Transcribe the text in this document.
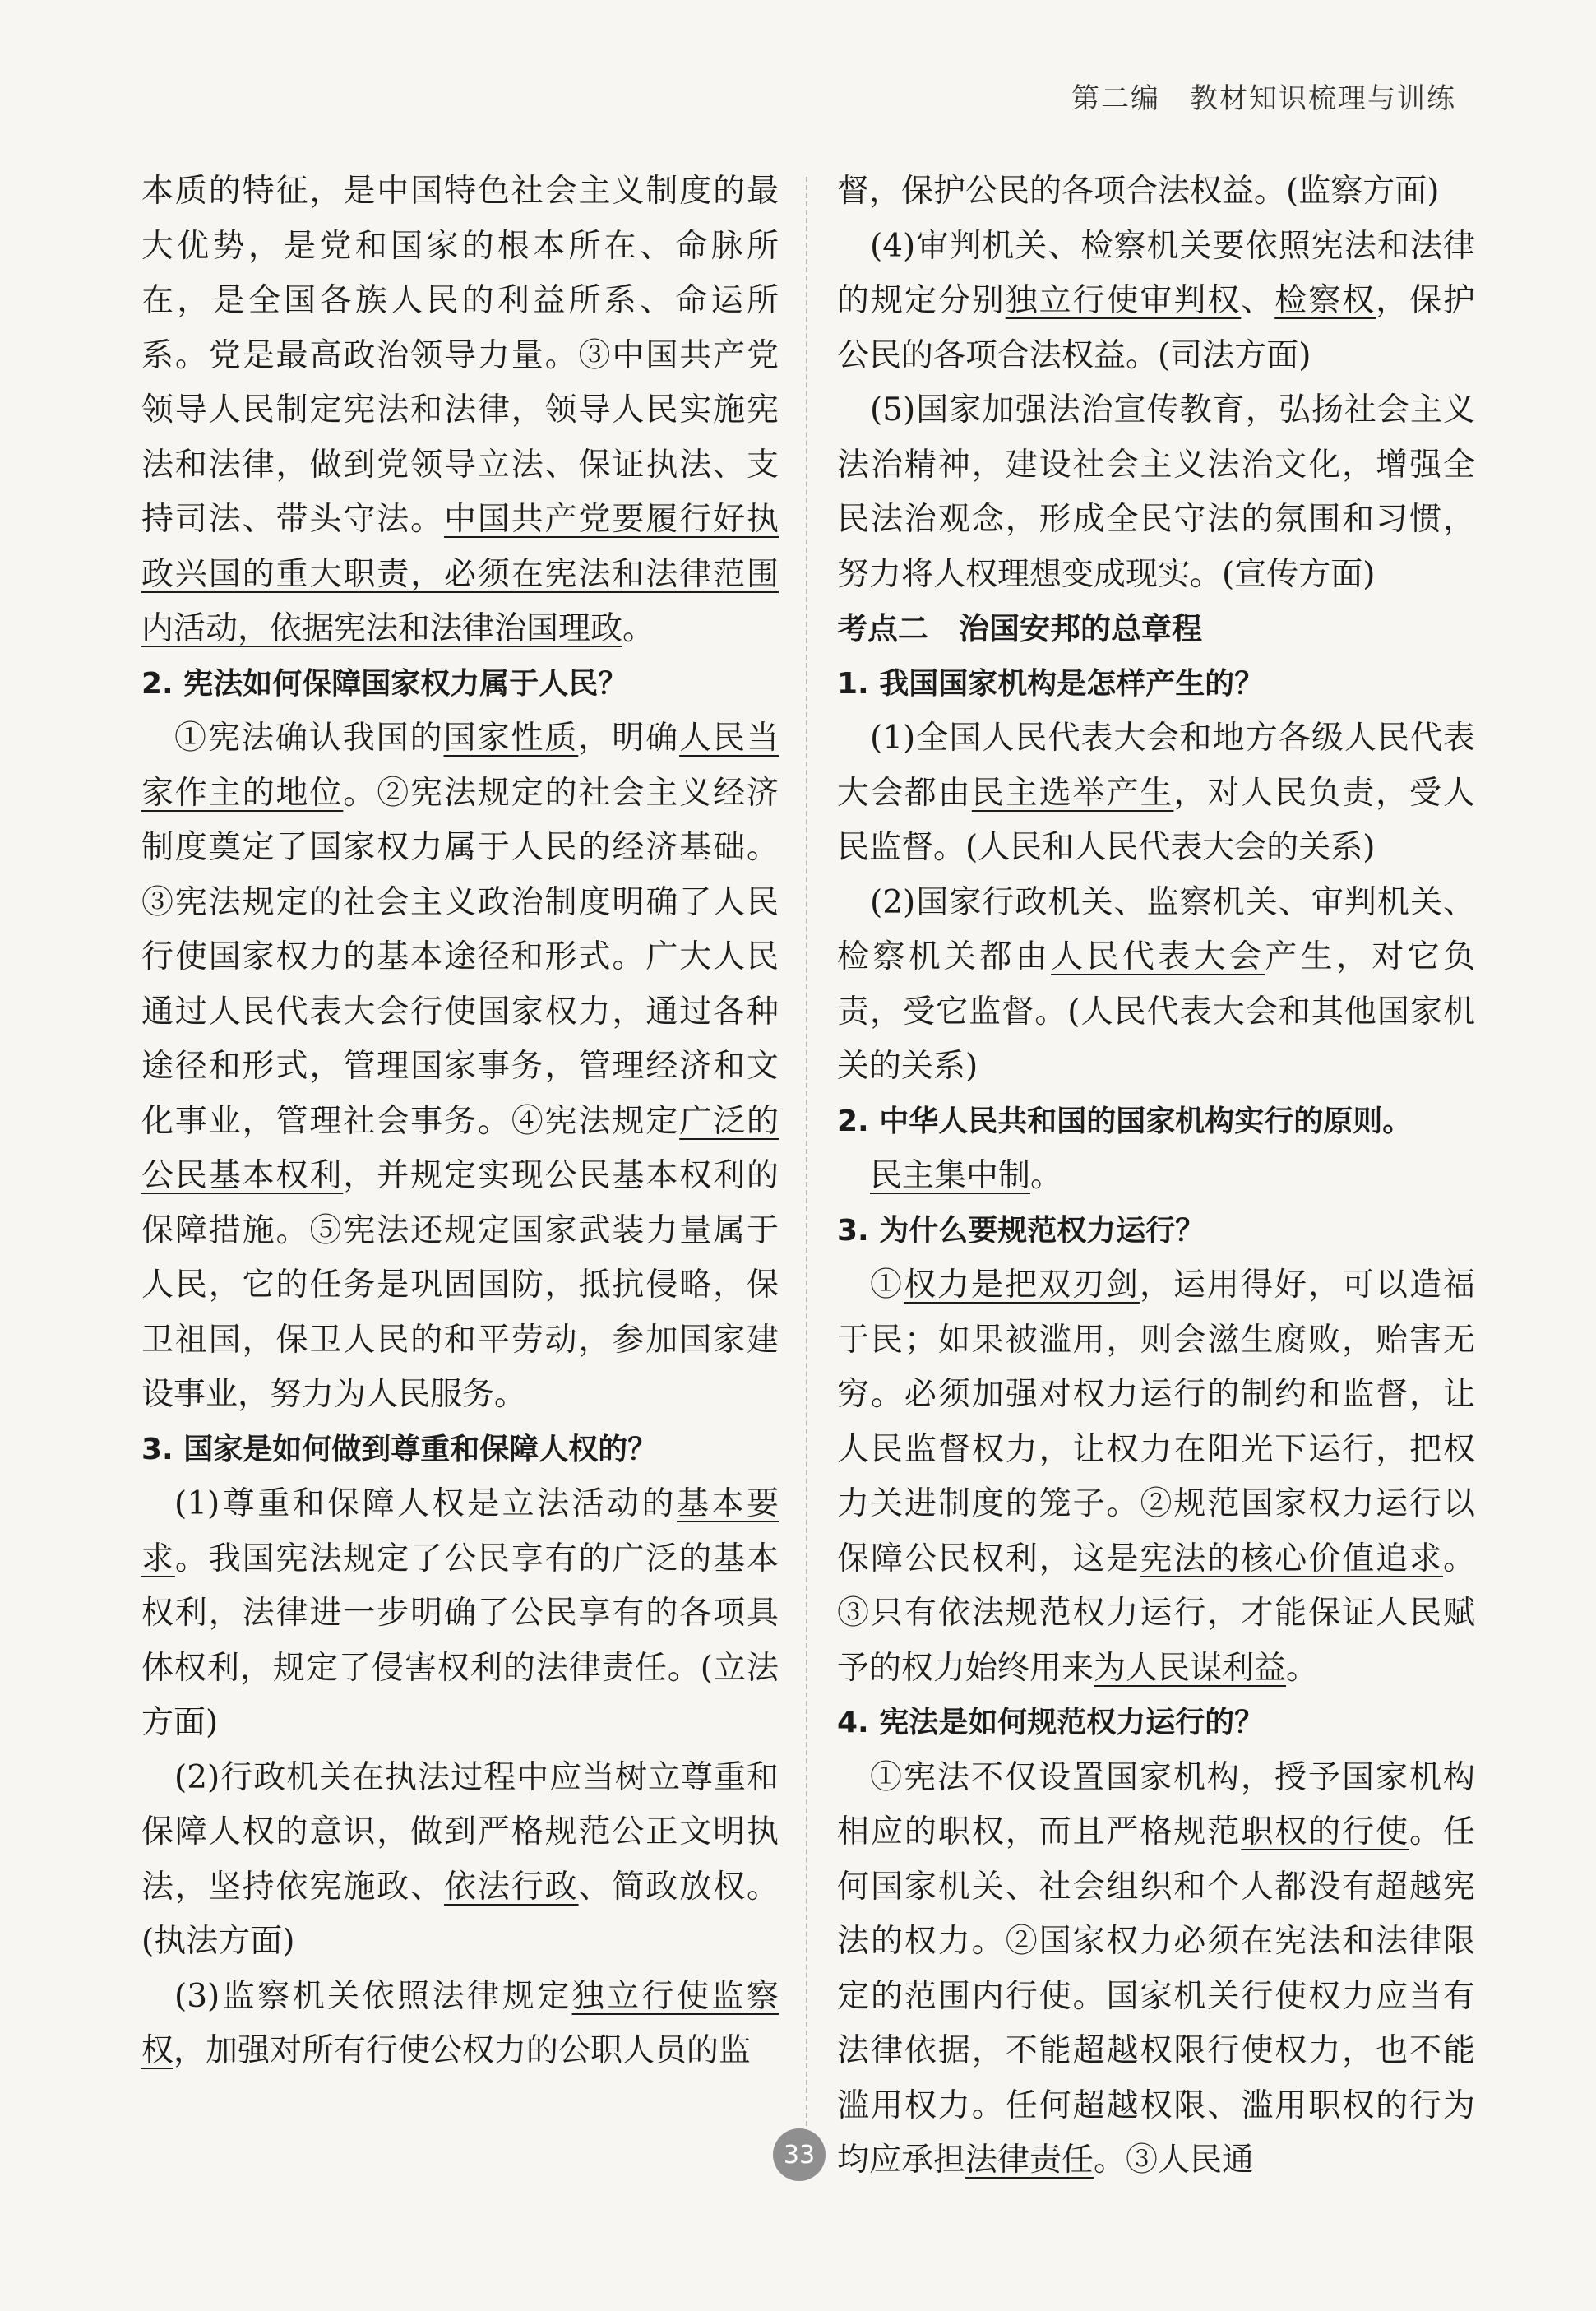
第二编　教材知识梳理与训练

本质的特征，是中国特色社会主义制度的最大优势，是党和国家的根本所在、命脉所在，是全国各族人民的利益所系、命运所系。党是最高政治领导力量。③中国共产党领导人民制定宪法和法律，领导人民实施宪法和法律，做到党领导立法、保证执法、支持司法、带头守法。中国共产党要履行好执政兴国的重大职责，必须在宪法和法律范围内活动，依据宪法和法律治国理政。

2. 宪法如何保障国家权力属于人民？

①宪法确认我国的国家性质，明确人民当家作主的地位。②宪法规定的社会主义经济制度奠定了国家权力属于人民的经济基础。③宪法规定的社会主义政治制度明确了人民行使国家权力的基本途径和形式。广大人民通过人民代表大会行使国家权力，通过各种途径和形式，管理国家事务，管理经济和文化事业，管理社会事务。④宪法规定广泛的公民基本权利，并规定实现公民基本权利的保障措施。⑤宪法还规定国家武装力量属于人民，它的任务是巩固国防，抵抗侵略，保卫祖国，保卫人民的和平劳动，参加国家建设事业，努力为人民服务。

3. 国家是如何做到尊重和保障人权的？

(1)尊重和保障人权是立法活动的基本要求。我国宪法规定了公民享有的广泛的基本权利，法律进一步明确了公民享有的各项具体权利，规定了侵害权利的法律责任。(立法方面)

(2)行政机关在执法过程中应当树立尊重和保障人权的意识，做到严格规范公正文明执法，坚持依宪施政、依法行政、简政放权。(执法方面)

(3)监察机关依照法律规定独立行使监察权，加强对所有行使公权力的公职人员的监

督，保护公民的各项合法权益。(监察方面)

(4)审判机关、检察机关要依照宪法和法律的规定分别独立行使审判权、检察权，保护公民的各项合法权益。(司法方面)

(5)国家加强法治宣传教育，弘扬社会主义法治精神，建设社会主义法治文化，增强全民法治观念，形成全民守法的氛围和习惯，努力将人权理想变成现实。(宣传方面)

考点二　治国安邦的总章程

1. 我国国家机构是怎样产生的？

(1)全国人民代表大会和地方各级人民代表大会都由民主选举产生，对人民负责，受人民监督。(人民和人民代表大会的关系)

(2)国家行政机关、监察机关、审判机关、检察机关都由人民代表大会产生，对它负责，受它监督。(人民代表大会和其他国家机关的关系)

2. 中华人民共和国的国家机构实行的原则。

民主集中制。

3. 为什么要规范权力运行？

①权力是把双刃剑，运用得好，可以造福于民；如果被滥用，则会滋生腐败，贻害无穷。必须加强对权力运行的制约和监督，让人民监督权力，让权力在阳光下运行，把权力关进制度的笼子。②规范国家权力运行以保障公民权利，这是宪法的核心价值追求。③只有依法规范权力运行，才能保证人民赋予的权力始终用来为人民谋利益。

4. 宪法是如何规范权力运行的？

①宪法不仅设置国家机构，授予国家机构相应的职权，而且严格规范职权的行使。任何国家机关、社会组织和个人都没有超越宪法的权力。②国家权力必须在宪法和法律限定的范围内行使。国家机关行使权力应当有法律依据，不能超越权限行使权力，也不能滥用权力。任何超越权限、滥用职权的行为均应承担法律责任。③人民通

33
